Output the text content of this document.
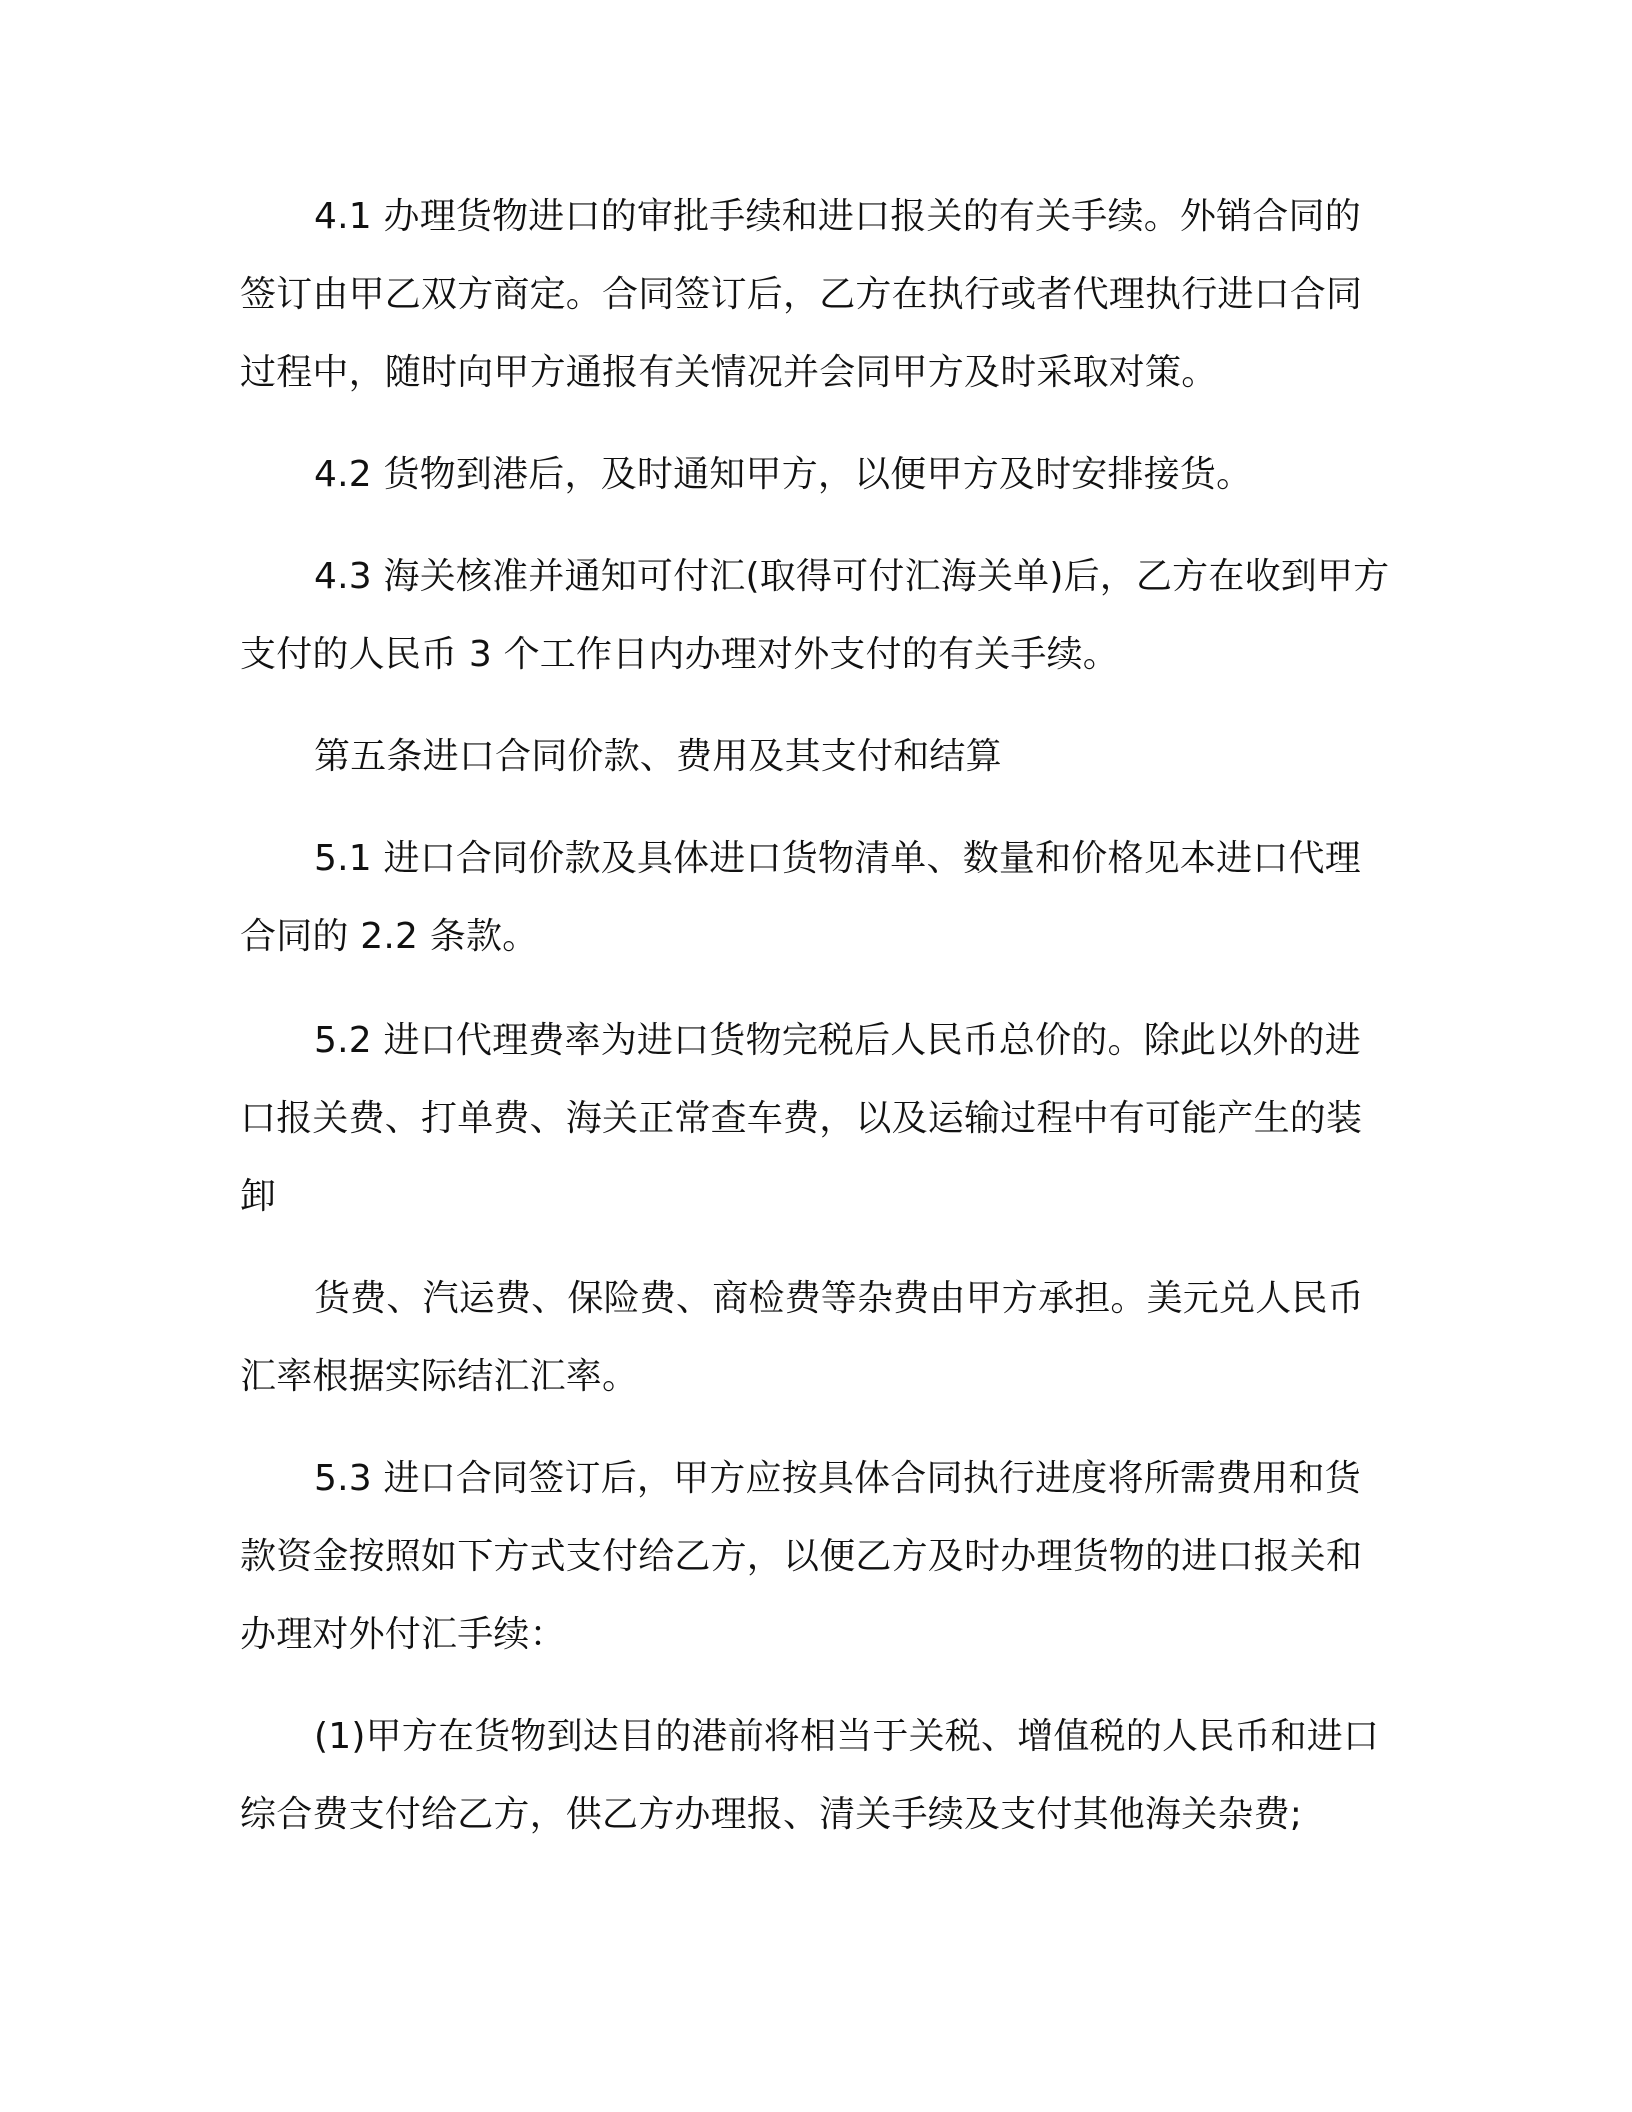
4.1 办理货物进口的审批手续和进口报关的有关手续。外销合同的签订由甲乙双方商定。合同签订后，乙方在执行或者代理执行进口合同过程中，随时向甲方通报有关情况并会同甲方及时采取对策。

4.2 货物到港后，及时通知甲方，以便甲方及时安排接货。

4.3 海关核准并通知可付汇(取得可付汇海关单)后，乙方在收到甲方支付的人民币 3 个工作日内办理对外支付的有关手续。

第五条进口合同价款、费用及其支付和结算

5.1 进口合同价款及具体进口货物清单、数量和价格见本进口代理合同的 2.2 条款。

5.2 进口代理费率为进口货物完税后人民币总价的。除此以外的进口报关费、打单费、海关正常查车费，以及运输过程中有可能产生的装卸

货费、汽运费、保险费、商检费等杂费由甲方承担。美元兑人民币汇率根据实际结汇汇率。

5.3 进口合同签订后，甲方应按具体合同执行进度将所需费用和货款资金按照如下方式支付给乙方，以便乙方及时办理货物的进口报关和办理对外付汇手续：

(1)甲方在货物到达目的港前将相当于关税、增值税的人民币和进口综合费支付给乙方，供乙方办理报、清关手续及支付其他海关杂费;
